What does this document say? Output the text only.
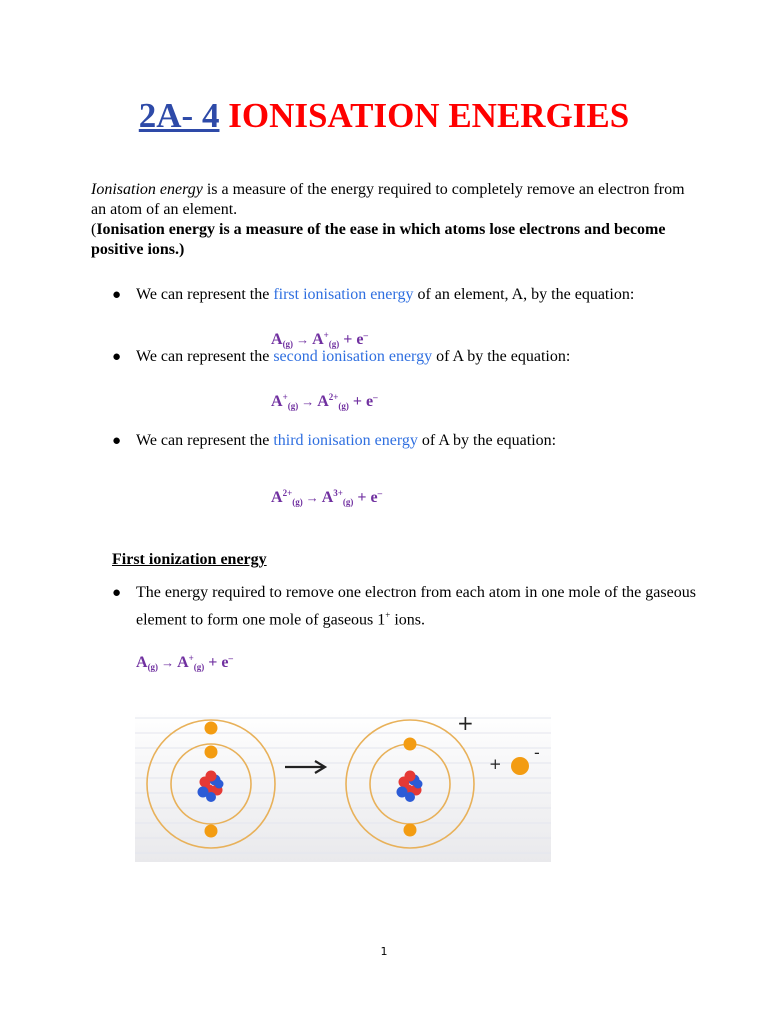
2A- 4 IONISATION ENERGIES
Ionisation energy is a measure of the energy required to completely remove an electron from an atom of an element.
(Ionisation energy is a measure of the ease in which atoms lose electrons and become positive ions.)
● We can represent the first ionisation energy of an element, A, by the equation:
$A_{(g)} \to A^+_{(g)} + e^-$
● We can represent the second ionisation energy of A by the equation:
$A^+_{(g)} \to A^{2+}_{(g)} + e^-$
● We can represent the third ionisation energy of A by the equation:
$A^{2+}_{(g)} \to A^{3+}_{(g)} + e^-$
First ionization energy
● The energy required to remove one electron from each atom in one mole of the gaseous element to form one mole of gaseous 1+ ions.
$A_{(g)} \to A^+_{(g)} + e^-$
+
+
-
1
